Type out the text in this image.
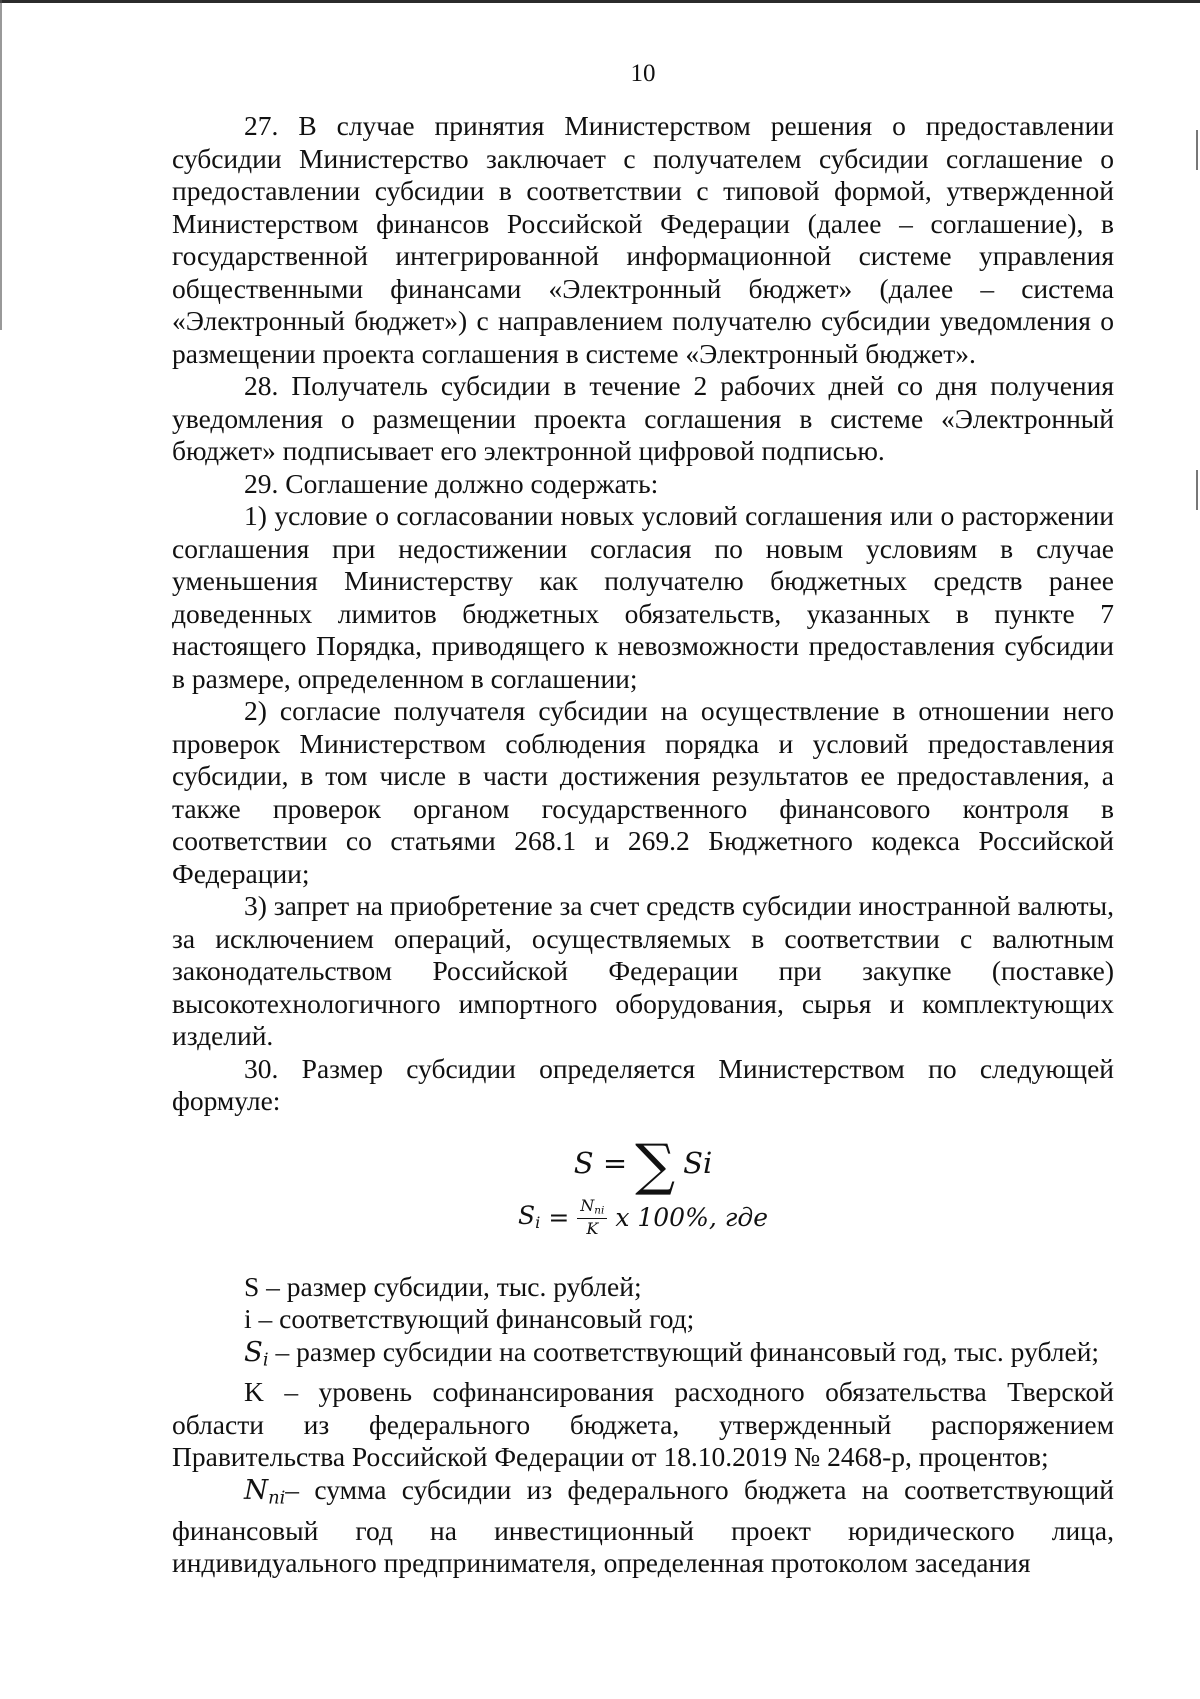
10

27. В случае принятия Министерством решения о предоставлении субсидии Министерство заключает с получателем субсидии соглашение о предоставлении субсидии в соответствии с типовой формой, утвержденной Министерством финансов Российской Федерации (далее – соглашение), в государственной интегрированной информационной системе управления общественными финансами «Электронный бюджет» (далее – система «Электронный бюджет») с направлением получателю субсидии уведомления о размещении проекта соглашения в системе «Электронный бюджет».

28. Получатель субсидии в течение 2 рабочих дней со дня получения уведомления о размещении проекта соглашения в системе «Электронный бюджет» подписывает его электронной цифровой подписью.

29. Соглашение должно содержать:

1) условие о согласовании новых условий соглашения или о расторжении соглашения при недостижении согласия по новым условиям в случае уменьшения Министерству как получателю бюджетных средств ранее доведенных лимитов бюджетных обязательств, указанных в пункте 7 настоящего Порядка, приводящего к невозможности предоставления субсидии в размере, определенном в соглашении;

2) согласие получателя субсидии на осуществление в отношении него проверок Министерством соблюдения порядка и условий предоставления субсидии, в том числе в части достижения результатов ее предоставления, а также проверок органом государственного финансового контроля в соответствии со статьями 268.1 и 269.2 Бюджетного кодекса Российской Федерации;

3) запрет на приобретение за счет средств субсидии иностранной валюты, за исключением операций, осуществляемых в соответствии с валютным законодательством Российской Федерации при закупке (поставке) высокотехнологичного импортного оборудования, сырья и комплектующих изделий.

30. Размер субсидии определяется Министерством по следующей формуле:

S = ∑ Si
$S_i = \frac{N_{ni}}{K}$ x 100%, где

S – размер субсидии, тыс. рублей;

i – соответствующий финансовый год;

$S_i$ – размер субсидии на соответствующий финансовый год, тыс. рублей;

K – уровень софинансирования расходного обязательства Тверской области из федерального бюджета, утвержденный распоряжением Правительства Российской Федерации от 18.10.2019 № 2468-р, процентов;

$N_{ni}-$ сумма субсидии из федерального бюджета на соответствующий финансовый год на инвестиционный проект юридического лица, индивидуального предпринимателя, определенная протоколом заседания
